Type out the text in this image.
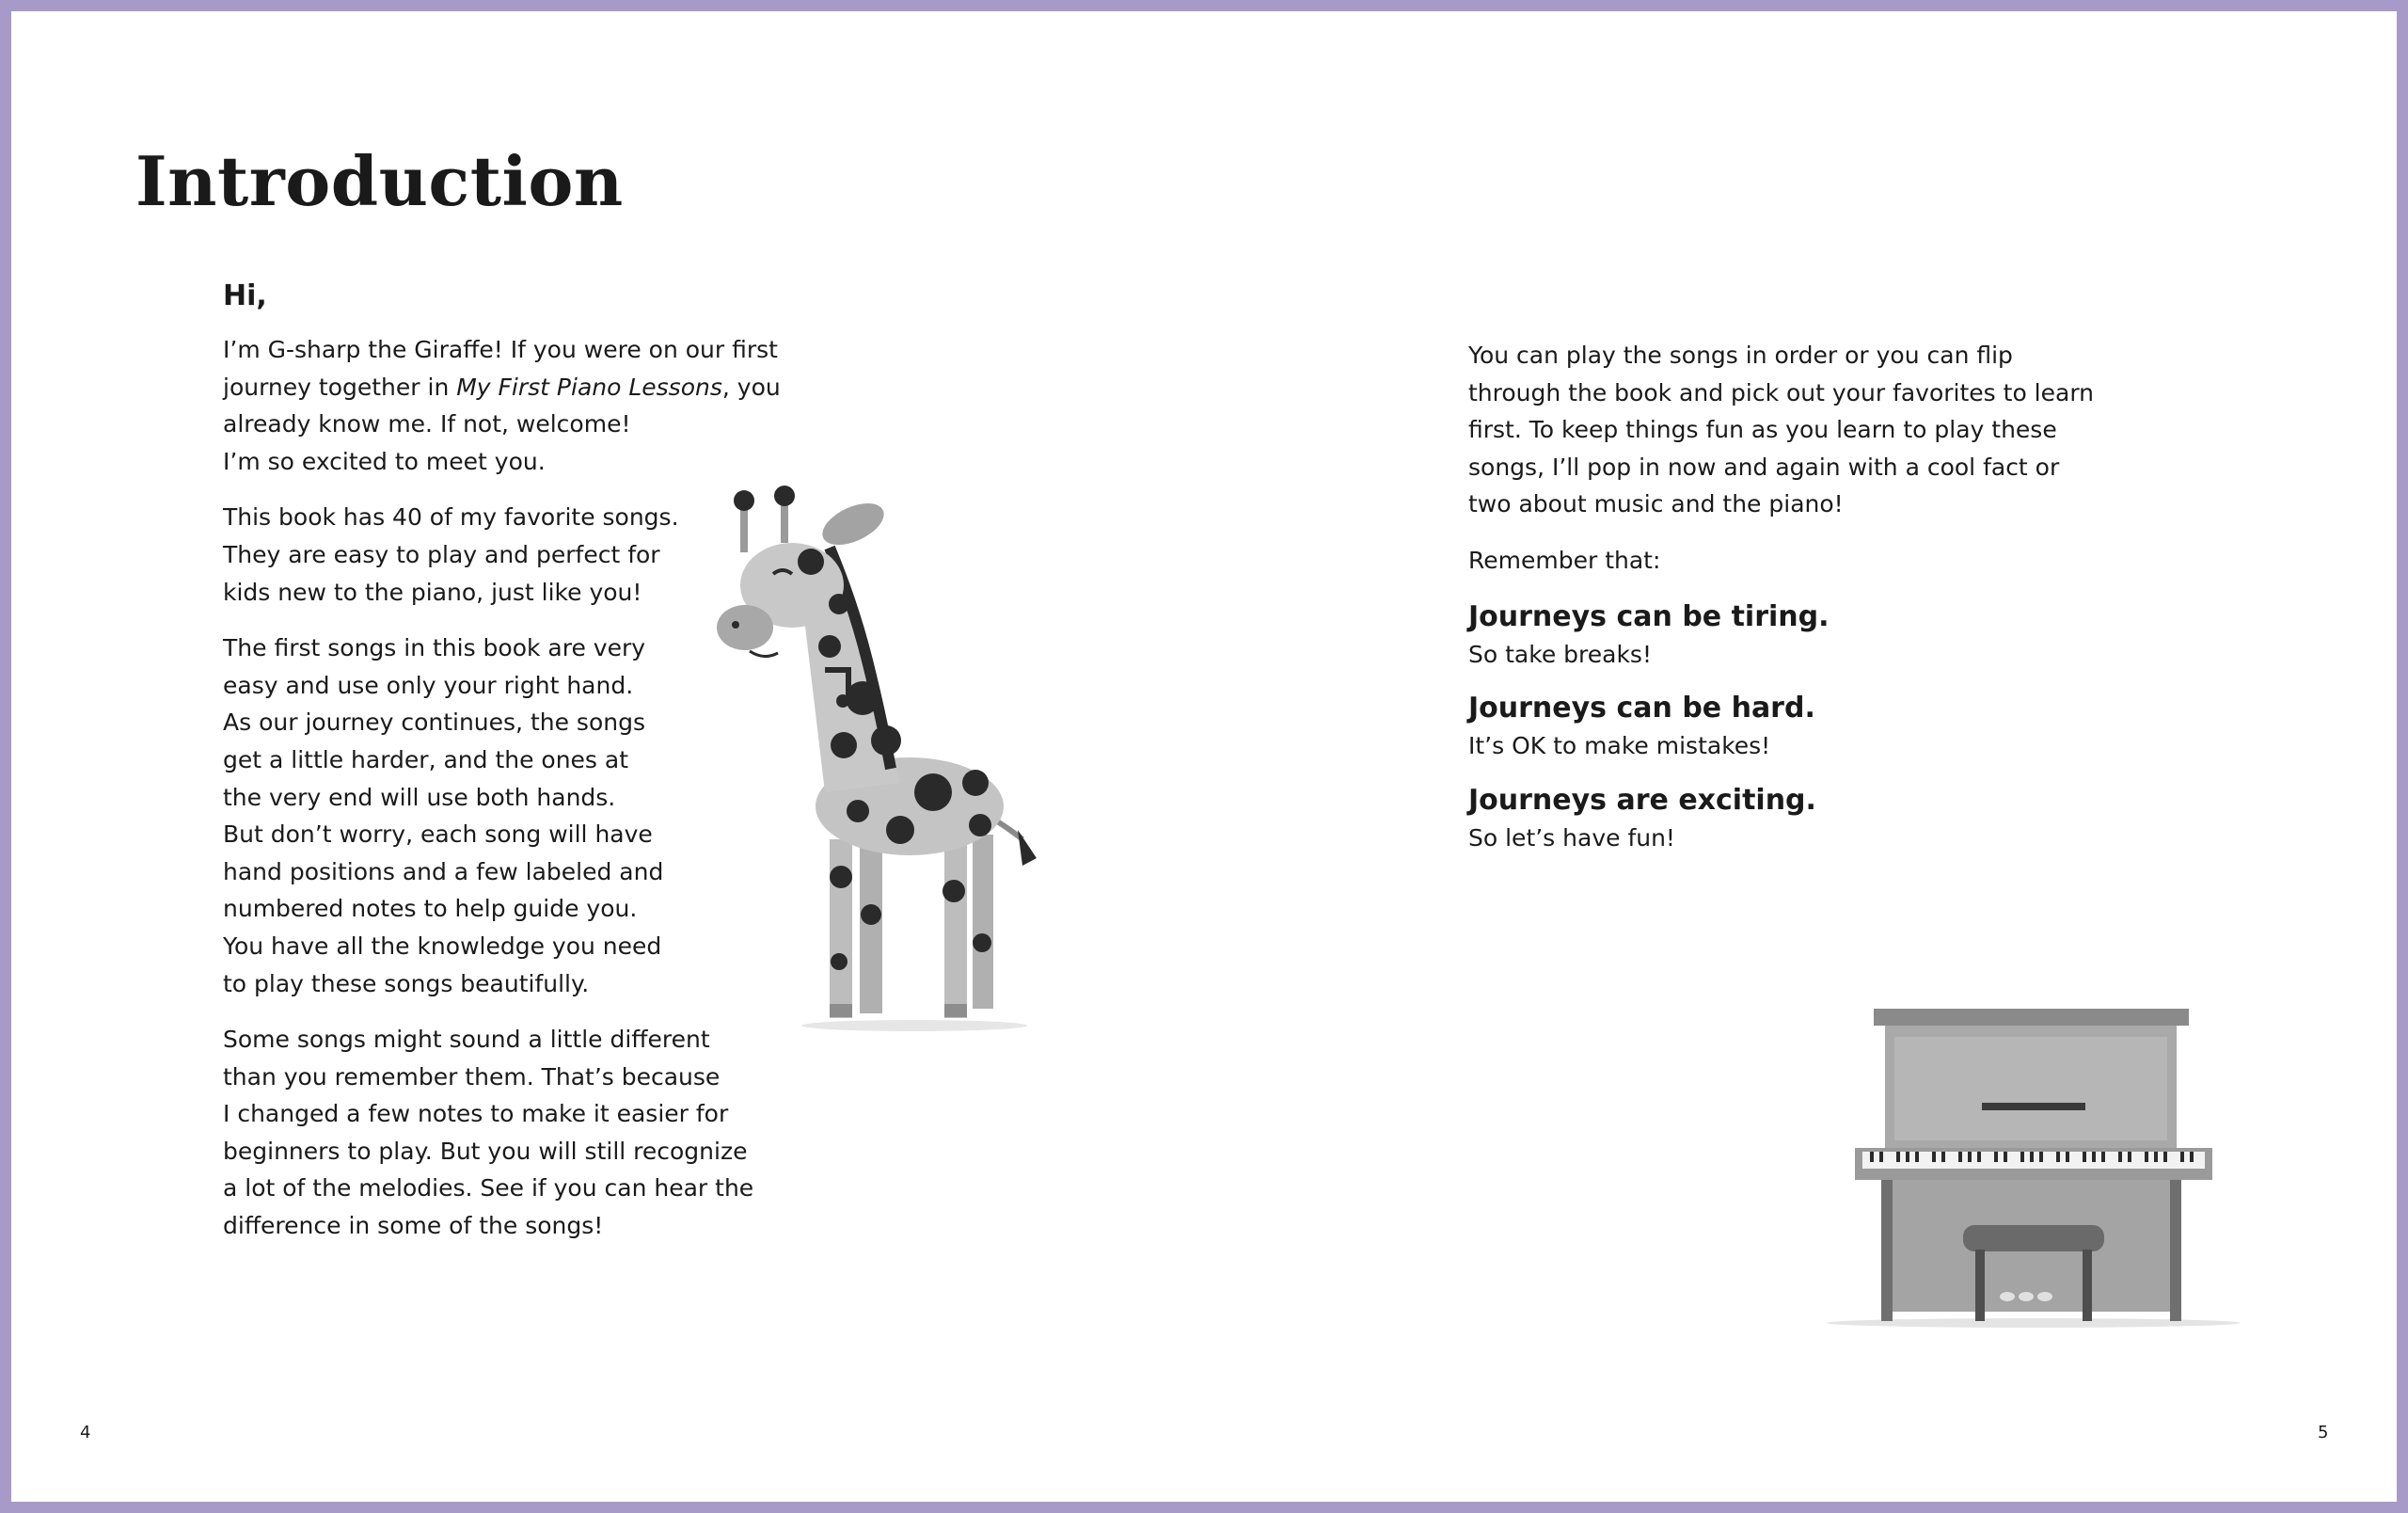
Introduction
Hi,
I’m G-sharp the Giraffe! If you were on our first
journey together in My First Piano Lessons, you
already know me. If not, welcome!
I’m so excited to meet you.
This book has 40 of my favorite songs.
They are easy to play and perfect for
kids new to the piano, just like you!
The first songs in this book are very
easy and use only your right hand.
As our journey continues, the songs
get a little harder, and the ones at
the very end will use both hands.
But don’t worry, each song will have
hand positions and a few labeled and
numbered notes to help guide you.
You have all the knowledge you need
to play these songs beautifully.
Some songs might sound a little different
than you remember them. That’s because
I changed a few notes to make it easier for
beginners to play. But you will still recognize
a lot of the melodies. See if you can hear the
difference in some of the songs!
You can play the songs in order or you can flip
through the book and pick out your favorites to learn
first. To keep things fun as you learn to play these
songs, I’ll pop in now and again with a cool fact or
two about music and the piano!
Remember that:
Journeys can be tiring.
So take breaks!
Journeys can be hard.
It’s OK to make mistakes!
Journeys are exciting.
So let’s have fun!
4	5
